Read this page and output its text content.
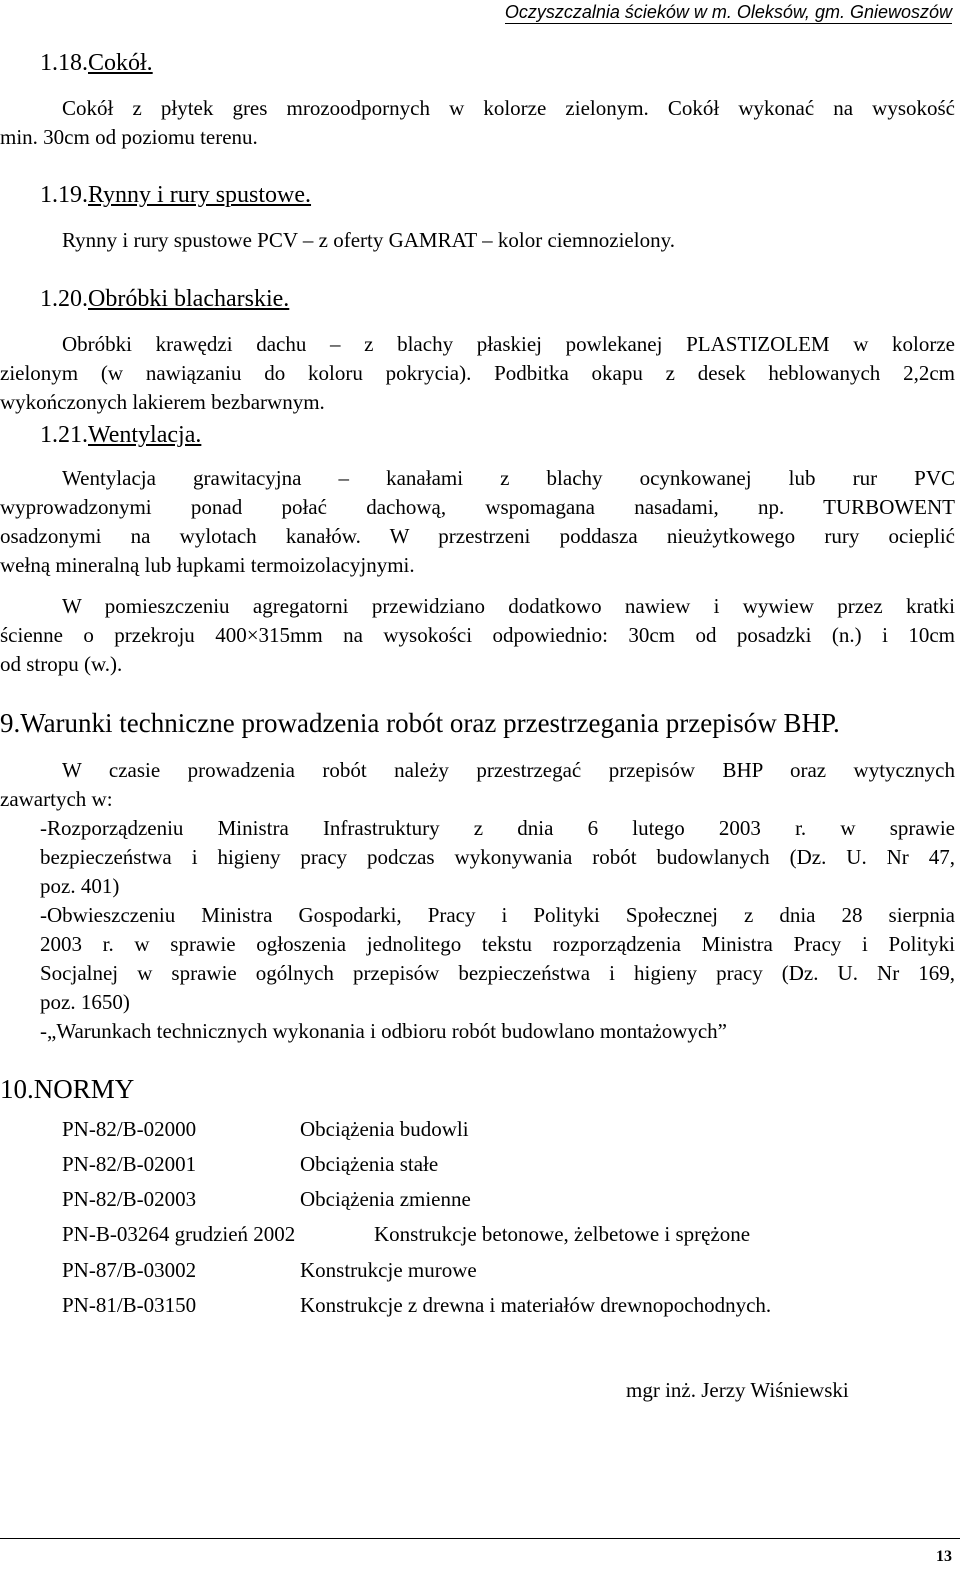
Oczyszczalnia ścieków w m. Oleksów, gm. Gniewoszów
1.18.Cokół.
Cokół z płytek gres mrozoodpornych w kolorze zielonym. Cokół wykonać na wysokość
min. 30cm od poziomu terenu.
1.19.Rynny i rury spustowe.
Rynny i rury spustowe PCV – z oferty GAMRAT – kolor ciemnozielony.
1.20.Obróbki blacharskie.
Obróbki krawędzi dachu – z blachy płaskiej powlekanej PLASTIZOLEM w kolorze
zielonym (w nawiązaniu do koloru pokrycia). Podbitka okapu z desek heblowanych 2,2cm
wykończonych lakierem bezbarwnym.
1.21.Wentylacja.
Wentylacja grawitacyjna – kanałami z blachy ocynkowanej lub rur PVC
wyprowadzonymi ponad połać dachową, wspomagana nasadami, np. TURBOWENT
osadzonymi na wylotach kanałów. W przestrzeni poddasza nieużytkowego rury ocieplić
wełną mineralną lub łupkami termoizolacyjnymi.
W pomieszczeniu agregatorni przewidziano dodatkowo nawiew i wywiew przez kratki
ścienne o przekroju 400×315mm na wysokości odpowiednio: 30cm od posadzki (n.) i 10cm
od stropu (w.).
9.Warunki techniczne prowadzenia robót oraz przestrzegania przepisów BHP.
W czasie prowadzenia robót należy przestrzegać przepisów BHP oraz wytycznych
zawartych w:
-Rozporządzeniu Ministra Infrastruktury z dnia 6 lutego 2003 r. w sprawie
bezpieczeństwa i higieny pracy podczas wykonywania robót budowlanych (Dz. U. Nr 47,
poz. 401)
-Obwieszczeniu Ministra Gospodarki, Pracy i Polityki Społecznej z dnia 28 sierpnia
2003 r. w sprawie ogłoszenia jednolitego tekstu rozporządzenia Ministra Pracy i Polityki
Socjalnej w sprawie ogólnych przepisów bezpieczeństwa i higieny pracy (Dz. U. Nr 169,
poz. 1650)
-„Warunkach technicznych wykonania i odbioru robót budowlano montażowych”
10.NORMY
PN-82/B-02000	Obciążenia budowli
PN-82/B-02001	Obciążenia stałe
PN-82/B-02003	Obciążenia zmienne
PN-B-03264 grudzień 2002	Konstrukcje betonowe, żelbetowe i sprężone
PN-87/B-03002	Konstrukcje murowe
PN-81/B-03150	Konstrukcje z drewna i materiałów drewnopochodnych.
mgr inż. Jerzy Wiśniewski
13
